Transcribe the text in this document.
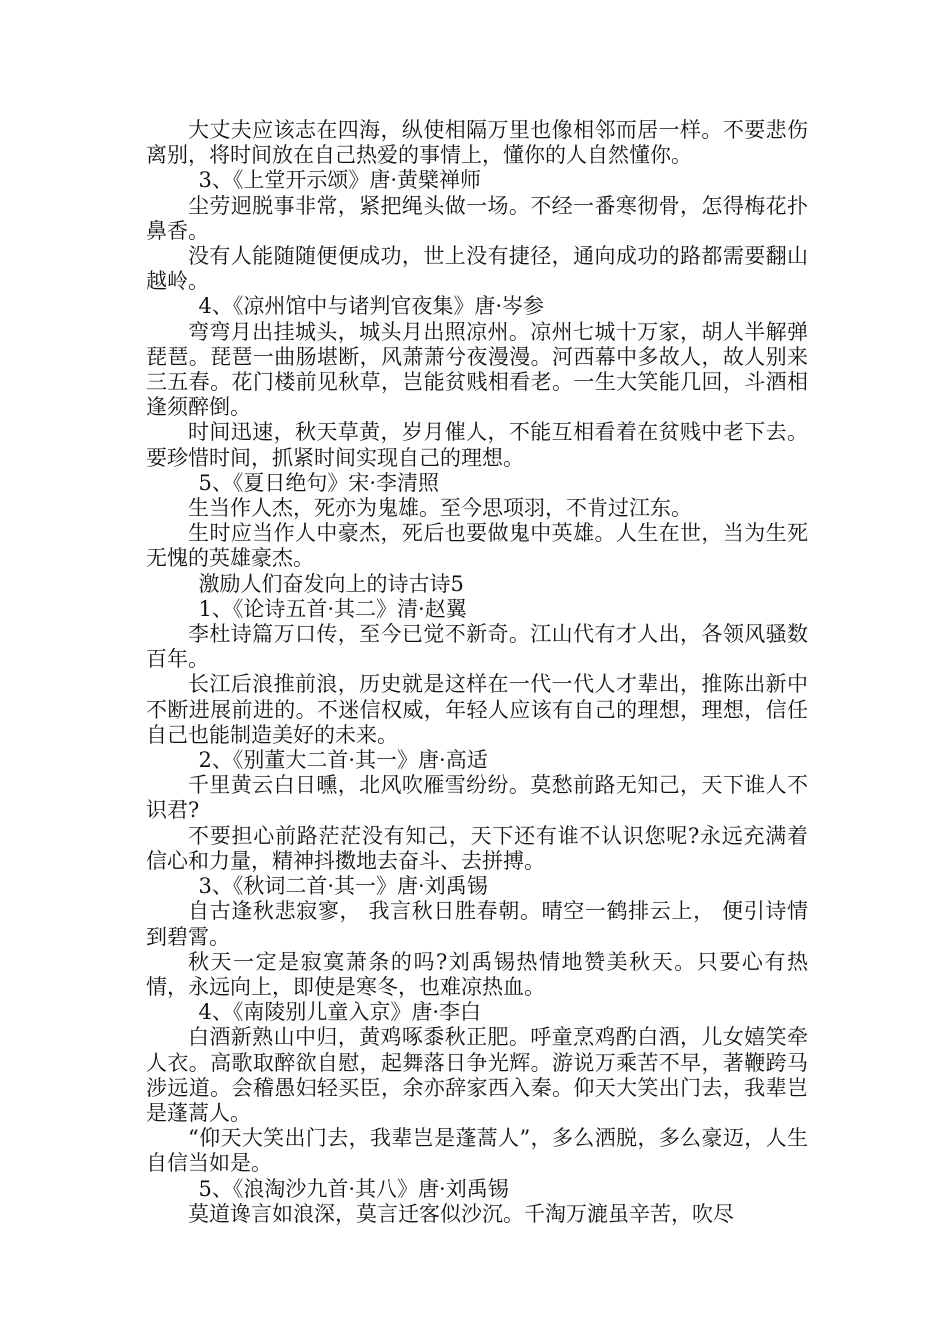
大丈夫应该志在四海，纵使相隔万里也像相邻而居一样。不要悲伤离别，将时间放在自己热爱的事情上，懂你的人自然懂你。

3、《上堂开示颂》唐·黄檗禅师

尘劳迥脱事非常，紧把绳头做一场。不经一番寒彻骨，怎得梅花扑鼻香。

没有人能随随便便成功，世上没有捷径，通向成功的路都需要翻山越岭。

4、《凉州馆中与诸判官夜集》唐·岑参

弯弯月出挂城头，城头月出照凉州。凉州七城十万家，胡人半解弹琵琶。琵琶一曲肠堪断，风萧萧兮夜漫漫。河西幕中多故人，故人别来三五春。花门楼前见秋草，岂能贫贱相看老。一生大笑能几回，斗酒相逢须醉倒。

时间迅速，秋天草黄，岁月催人，不能互相看着在贫贱中老下去。要珍惜时间，抓紧时间实现自己的理想。

5、《夏日绝句》宋·李清照

生当作人杰，死亦为鬼雄。至今思项羽，不肯过江东。

生时应当作人中豪杰，死后也要做鬼中英雄。人生在世，当为生死无愧的英雄豪杰。

激励人们奋发向上的诗古诗5

1、《论诗五首·其二》清·赵翼

李杜诗篇万口传，至今已觉不新奇。江山代有才人出，各领风骚数百年。

长江后浪推前浪，历史就是这样在一代一代人才辈出，推陈出新中不断进展前进的。不迷信权威，年轻人应该有自己的理想，理想，信任自己也能制造美好的未来。

2、《别董大二首·其一》唐·高适

千里黄云白日曛，北风吹雁雪纷纷。莫愁前路无知己，天下谁人不识君?

不要担心前路茫茫没有知己，天下还有谁不认识您呢?永远充满着信心和力量，精神抖擞地去奋斗、去拼搏。

3、《秋词二首·其一》唐·刘禹锡

自古逢秋悲寂寥， 我言秋日胜春朝。晴空一鹤排云上， 便引诗情到碧霄。

秋天一定是寂寞萧条的吗?刘禹锡热情地赞美秋天。只要心有热情，永远向上，即使是寒冬，也难凉热血。

4、《南陵别儿童入京》唐·李白

白酒新熟山中归，黄鸡啄黍秋正肥。呼童烹鸡酌白酒，儿女嬉笑牵人衣。高歌取醉欲自慰，起舞落日争光辉。游说万乘苦不早，著鞭跨马涉远道。会稽愚妇轻买臣，余亦辞家西入秦。仰天大笑出门去，我辈岂是蓬蒿人。

“仰天大笑出门去，我辈岂是蓬蒿人”，多么洒脱，多么豪迈，人生自信当如是。

5、《浪淘沙九首·其八》唐·刘禹锡

莫道谗言如浪深，莫言迁客似沙沉。千淘万漉虽辛苦，吹尽
